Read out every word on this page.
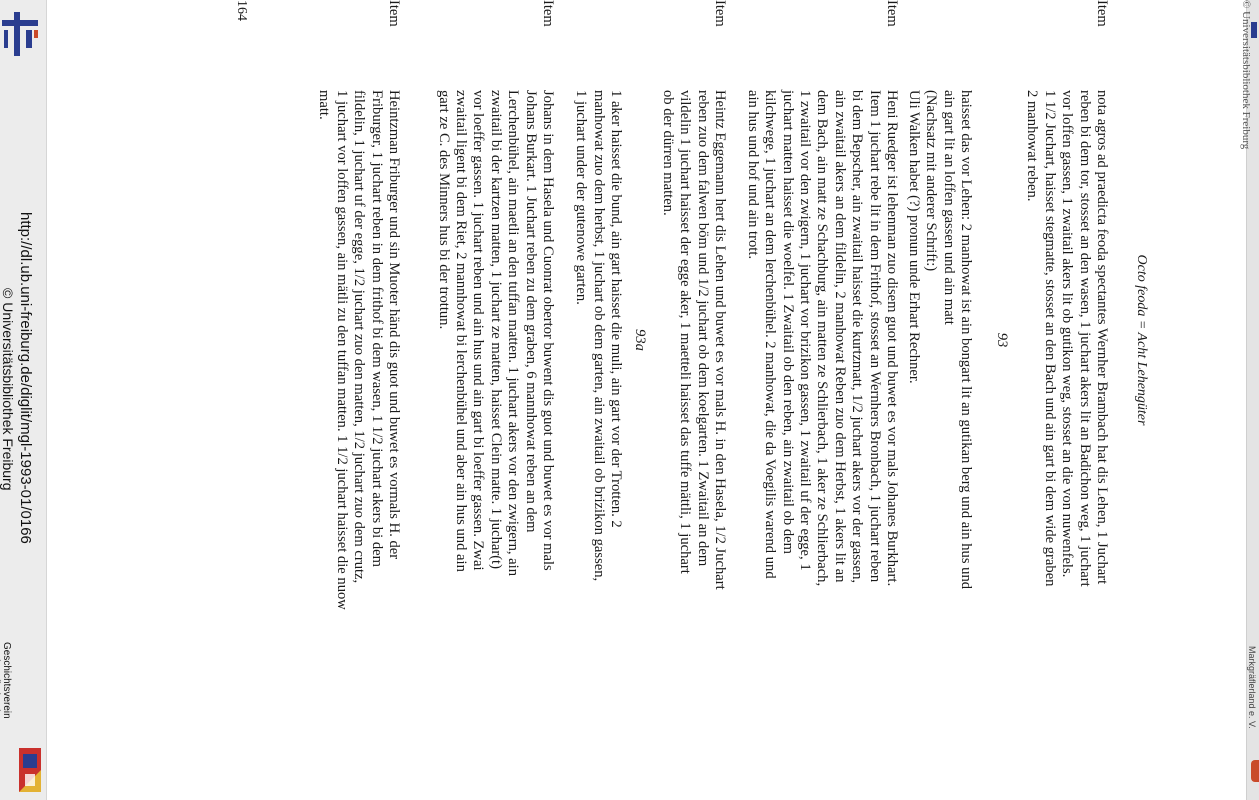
http://dl.ub.uni-freiburg.de/diglit/mgl-1993-01/0166
© Universitätsbibliothek Freiburg
Geschichtsverein	Markgräflerland e. V.
© Universitätsbibliothek Freiburg
Octo feoda = Acht Lehengüter
Item
nota agros ad praedicta feoda spectantes Wernher Brambach hat dis Lehen, 1 Juchart
reben bi dem tor, stosset an den wasen, 1 juchart akers lit an Badichon weg, 1 juchart
vor loffen gassen, 1 zwaitail akers lit ob gutikon weg, stosset an die von nuwenfels.
1 1/2 Juchart, haisset stegmatte, stosset an den Bach und ain gart bi dem wide graben
2 manhowat reben.
93
haisset das vor Lehen: 2 manhowat ist ain bongart lit an gutikan berg und ain hus und
ain gart lit an loffen gassen und ain matt
(Nachsatz mit anderer Schrift:)
Uli Walken habet (?) pronun unde Erhart Rechner.
Item
Heni Ruedger ist lehenman zuo disem guot und buwet es vor mals Johanes Burkhart.
Item 1 juchart rebe lit in dem Frithof, stosset an Wernhers Bronbach, 1 juchart reben
bi dem Bepscher, ain zwaitail haisset die kurtzmatt, 1/2 juchart akers vor der gassen,
ain zwaitail akers an dem fildelin, 2 manhowat Reben zuo dem Herbst, 1 akers lit an
dem Bach, ain matt ze Schachburg, ain matten ze Schlierbach, 1 aker ze Schlierbach,
1 zwaitail vor den zwigern, 1 juchart vor brizikon gassen, 1 zwaitail uf der egge, 1
juchart matten haisset die woelfel. 1 Zwaitail ob den reben, ain zwaitail ob dem
kilchwege, 1 juchart an dem lerchenbühel. 2 manhowat, die da Voegilis warend und
ain hus und hof und ain trott.
Item
Heintz Eggemann hert dis Lehen und buwet es vor mals H. in den Hasela, 1/2 Juchart
reben zuo dem falwen böm und 1/2 juchart ob dem koelgarten. 1 Zwaitail an dem
vildelin 1 juchart haisset der egge aker, 1 maetteli haisset das tuffe mättli, 1 juchart
ob der dürren matten.
93a
1 aker haisset die bund, ain gart haisset die muli, ain gart vor der Trotten. 2
manhowat zuo dem herbst, 1 juchart ob dem garten, ain zwaitail ob brizikon gassen,
1 juchart under der gutenowe garten.
Item
Johans in dem Hasela und Cuonrat obertor buwent dis guot und buwet es vor mals
Johans Burkart. 1 Juchart reben zu dem graben, 6 mannhowat reben an dem
Lerchenbühel, ain maetli an den tuffan matten. 1 juchart akers vor den zwigern, ain
zwaitail bi der kartzen matten, 1 juchart ze matten, haisset Clein matte. 1 juchar(t)
vor loeffer gassen. 1 juchart reben und ain hus und ain gart bi loeffer gassen. Zwai
zwaitail ligent bi dem Riet, 2 mannhowat bi lerchenbühel und aber ain hus und ain
gart ze C. des Minners hus bi der trottun.
Item
Heintzman Friburger und sin Muoter händ dis guot und buwet es vormals H. der
Friburger, 1 juchart reben in dem frithof bi dem wasen, 1 1/2 juchart akers bi dem
fildelin, 1 juchart uf der egge, 1/2 juchart zuo den matten, 1/2 juchart zuo dem crutz,
1 juchart vor loffen gassen, ain mätli zu den tuffan matten. 1 1/2 juchart haisset die nuow
matt.
164
